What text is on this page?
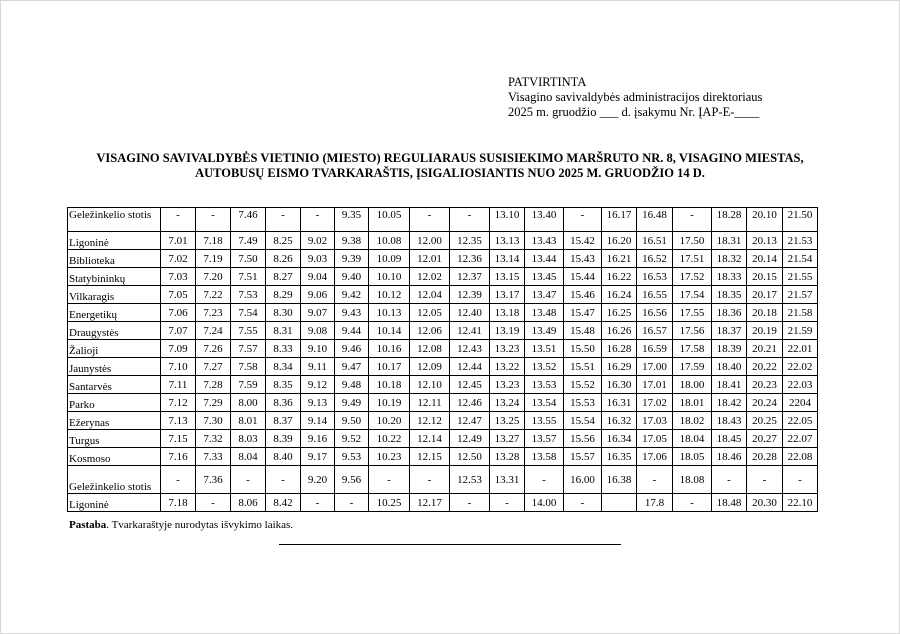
PATVIRTINTA
Visagino savivaldybės administracijos direktoriaus
2025 m. gruodžio ___ d. įsakymu Nr. ĮAP-E-____
VISAGINO SAVIVALDYBĖS VIETINIO (MIESTO) REGULIARAUS SUSISIEKIMO MARŠRUTO NR. 8, VISAGINO MIESTAS,
AUTOBUSŲ EISMO TVARKARAŠTIS, ĮSIGALIOSIANTIS NUO 2025 M. GRUODŽIO 14 D.
Geležinkelio stotis	-	-	7.46	-	-	9.35	10.05	-	-	13.10	13.40	-	16.17	16.48	-	18.28	20.10	21.50
Ligoninė	7.01	7.18	7.49	8.25	9.02	9.38	10.08	12.00	12.35	13.13	13.43	15.42	16.20	16.51	17.50	18.31	20.13	21.53
Biblioteka	7.02	7.19	7.50	8.26	9.03	9.39	10.09	12.01	12.36	13.14	13.44	15.43	16.21	16.52	17.51	18.32	20.14	21.54
Statybininkų	7.03	7.20	7.51	8.27	9.04	9.40	10.10	12.02	12.37	13.15	13.45	15.44	16.22	16.53	17.52	18.33	20.15	21.55
Vilkaragis	7.05	7.22	7.53	8.29	9.06	9.42	10.12	12.04	12.39	13.17	13.47	15.46	16.24	16.55	17.54	18.35	20.17	21.57
Energetikų	7.06	7.23	7.54	8.30	9.07	9.43	10.13	12.05	12.40	13.18	13.48	15.47	16.25	16.56	17.55	18.36	20.18	21.58
Draugystės	7.07	7.24	7.55	8.31	9.08	9.44	10.14	12.06	12.41	13.19	13.49	15.48	16.26	16.57	17.56	18.37	20.19	21.59
Žalioji	7.09	7.26	7.57	8.33	9.10	9.46	10.16	12.08	12.43	13.23	13.51	15.50	16.28	16.59	17.58	18.39	20.21	22.01
Jaunystės	7.10	7.27	7.58	8.34	9.11	9.47	10.17	12.09	12.44	13.22	13.52	15.51	16.29	17.00	17.59	18.40	20.22	22.02
Santarvės	7.11	7.28	7.59	8.35	9.12	9.48	10.18	12.10	12.45	13.23	13.53	15.52	16.30	17.01	18.00	18.41	20.23	22.03
Parko	7.12	7.29	8.00	8.36	9.13	9.49	10.19	12.11	12.46	13.24	13.54	15.53	16.31	17.02	18.01	18.42	20.24	2204
Ežerynas	7.13	7.30	8.01	8.37	9.14	9.50	10.20	12.12	12.47	13.25	13.55	15.54	16.32	17.03	18.02	18.43	20.25	22.05
Turgus	7.15	7.32	8.03	8.39	9.16	9.52	10.22	12.14	12.49	13.27	13.57	15.56	16.34	17.05	18.04	18.45	20.27	22.07
Kosmoso	7.16	7.33	8.04	8.40	9.17	9.53	10.23	12.15	12.50	13.28	13.58	15.57	16.35	17.06	18.05	18.46	20.28	22.08
Geležinkelio stotis	-	7.36	-	-	9.20	9.56	-	-	12.53	13.31	-	16.00	16.38	-	18.08	-	-	-
Ligoninė	7.18	-	8.06	8.42	-	-	10.25	12.17	-	-	14.00	-		17.8	-	18.48	20.30	22.10
Pastaba. Tvarkaraštyje nurodytas išvykimo laikas.
